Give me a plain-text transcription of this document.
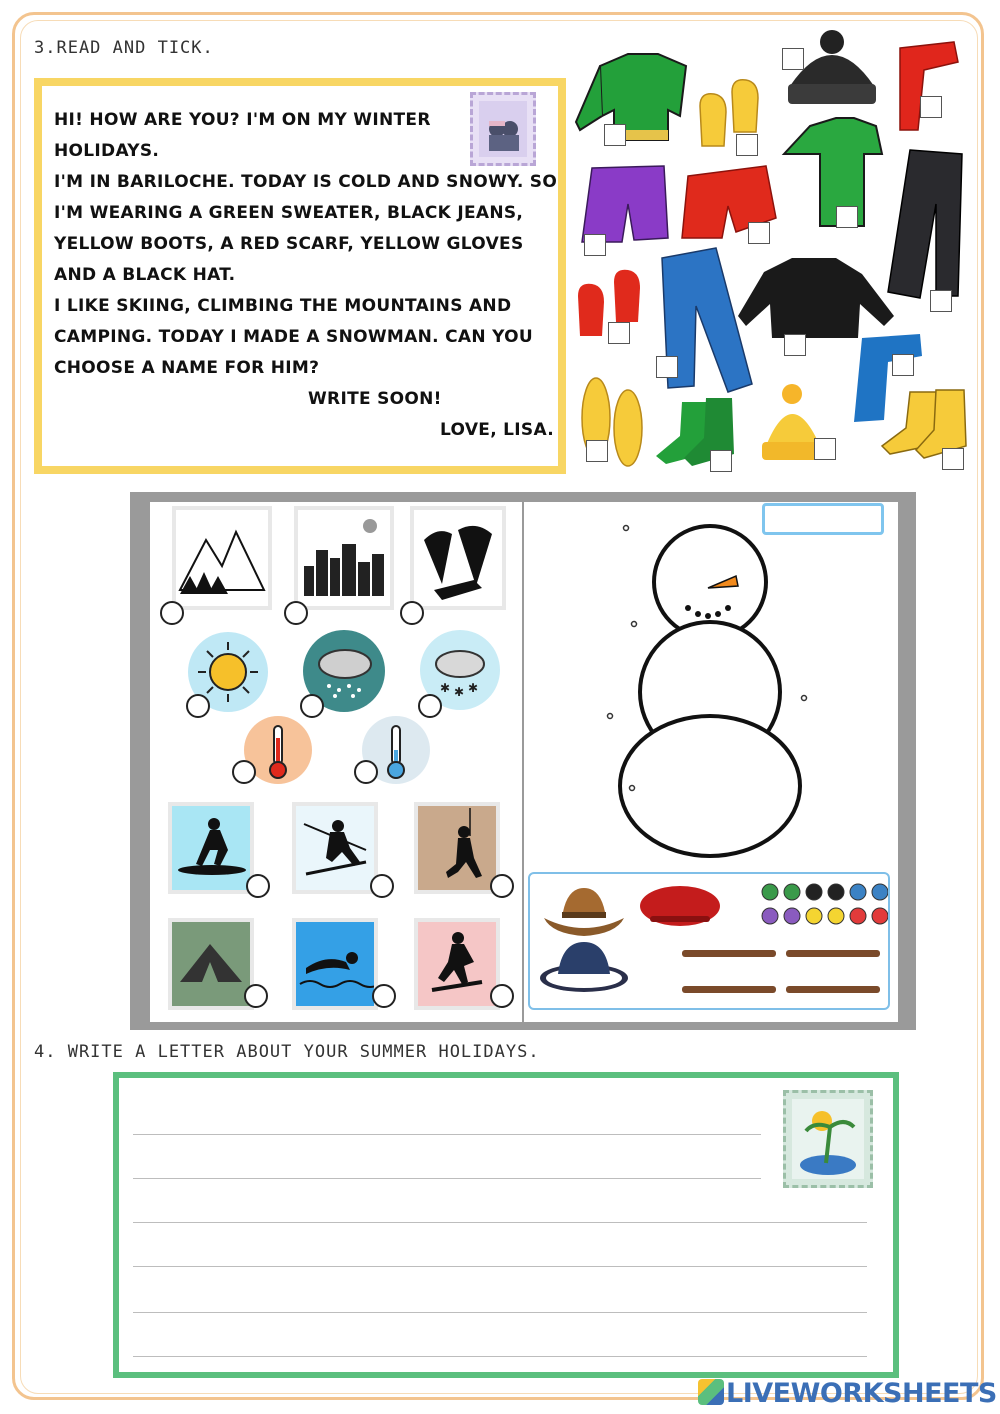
3.READ AND TICK.
HI! HOW ARE YOU? I'M ON MY WINTER
HOLIDAYS.
I'M IN BARILOCHE. TODAY IS COLD AND SNOWY. SO
I'M WEARING A GREEN SWEATER, BLACK JEANS,
YELLOW BOOTS, A RED SCARF, YELLOW GLOVES
AND A BLACK HAT.
I LIKE SKIING, CLIMBING THE MOUNTAINS AND
CAMPING. TODAY I MADE A SNOWMAN. CAN YOU
CHOOSE A NAME FOR HIM?
WRITE SOON!
LOVE, LISA.
✱ ✱ ✱
4. WRITE A LETTER ABOUT YOUR SUMMER HOLIDAYS.
LIVEWORKSHEETS
